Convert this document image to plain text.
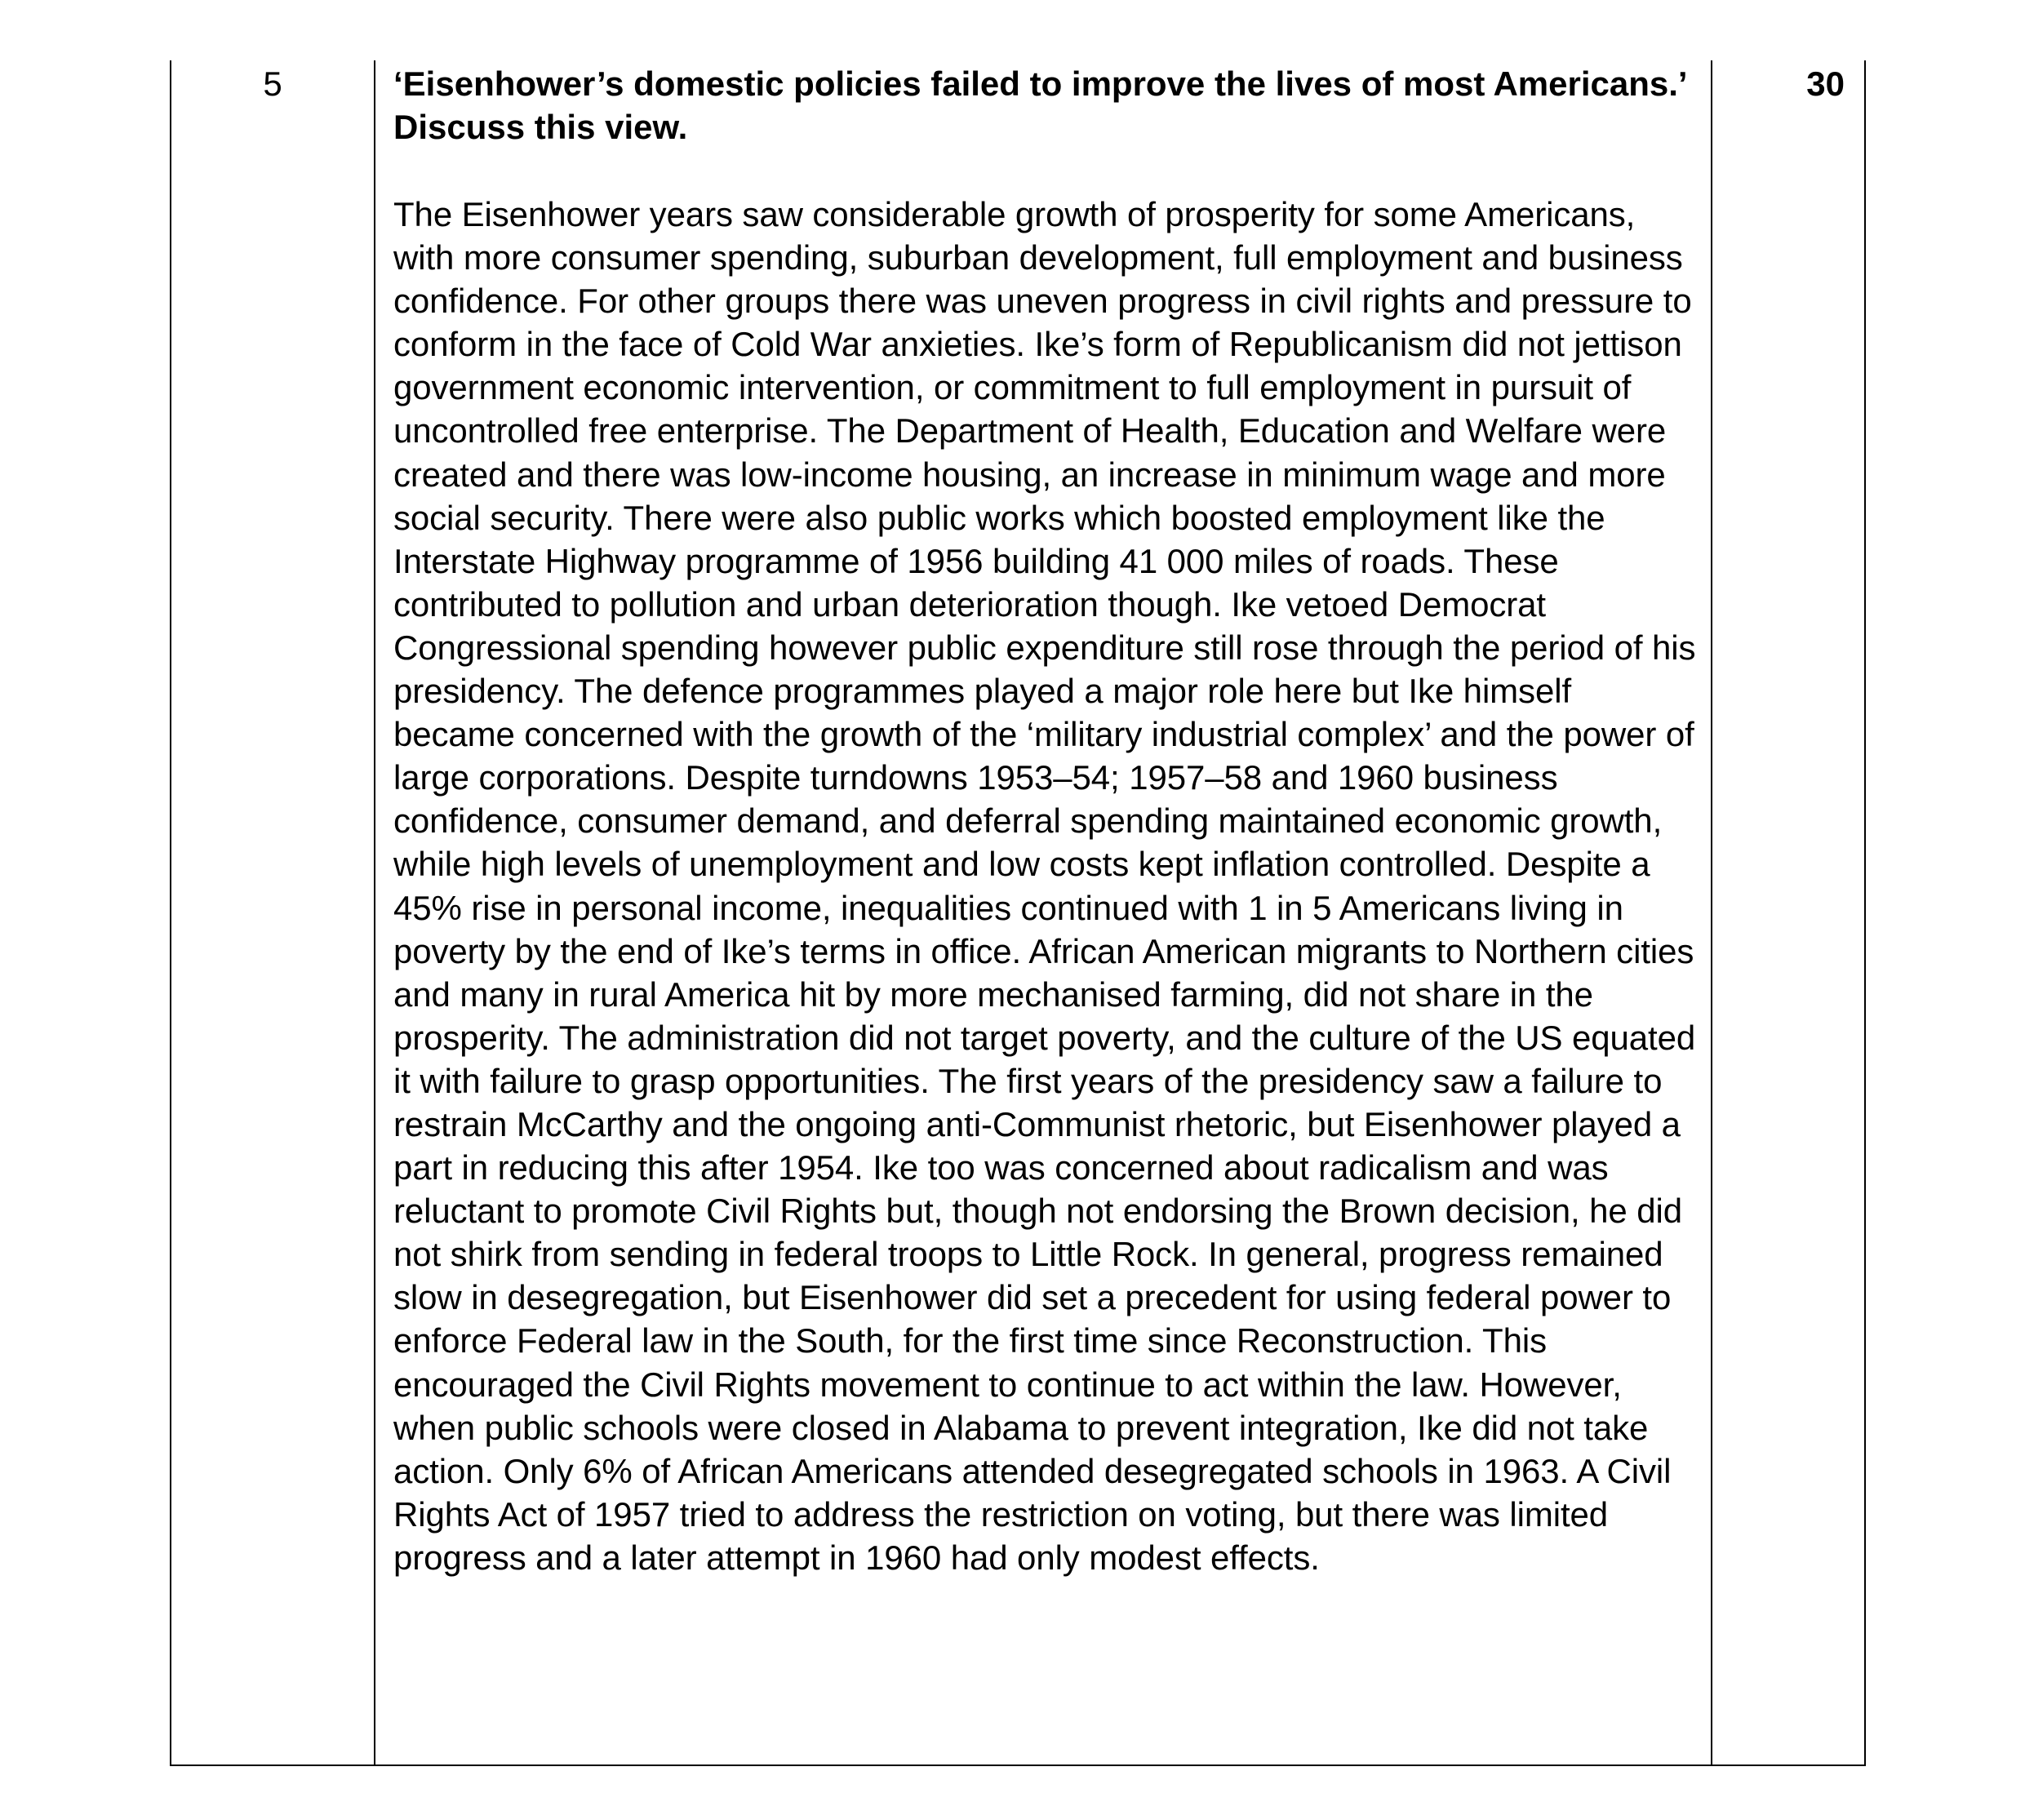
5	‘Eisenhower’s domestic policies failed to improve the lives of most Americans.’ Discuss this view.

The Eisenhower years saw considerable growth of prosperity for some Americans, with more consumer spending, suburban development, full employment and business confidence. For other groups there was uneven progress in civil rights and pressure to conform in the face of Cold War anxieties. Ike’s form of Republicanism did not jettison government economic intervention, or commitment to full employment in pursuit of uncontrolled free enterprise. The Department of Health, Education and Welfare were created and there was low-income housing, an increase in minimum wage and more social security. There were also public works which boosted employment like the Interstate Highway programme of 1956 building 41 000 miles of roads. These contributed to pollution and urban deterioration though. Ike vetoed Democrat Congressional spending however public expenditure still rose through the period of his presidency. The defence programmes played a major role here but Ike himself became concerned with the growth of the ‘military industrial complex’ and the power of large corporations. Despite turndowns 1953–54; 1957–58 and 1960 business confidence, consumer demand, and deferral spending maintained economic growth, while high levels of unemployment and low costs kept inflation controlled. Despite a 45% rise in personal income, inequalities continued with 1 in 5 Americans living in poverty by the end of Ike’s terms in office. African American migrants to Northern cities and many in rural America hit by more mechanised farming, did not share in the prosperity. The administration did not target poverty, and the culture of the US equated it with failure to grasp opportunities. The first years of the presidency saw a failure to restrain McCarthy and the ongoing anti-Communist rhetoric, but Eisenhower played a part in reducing this after 1954. Ike too was concerned about radicalism and was reluctant to promote Civil Rights but, though not endorsing the Brown decision, he did not shirk from sending in federal troops to Little Rock. In general, progress remained slow in desegregation, but Eisenhower did set a precedent for using federal power to enforce Federal law in the South, for the first time since Reconstruction. This encouraged the Civil Rights movement to continue to act within the law. However, when public schools were closed in Alabama to prevent integration, Ike did not take action. Only 6% of African Americans attended desegregated schools in 1963. A Civil Rights Act of 1957 tried to address the restriction on voting, but there was limited progress and a later attempt in 1960 had only modest effects.

30
